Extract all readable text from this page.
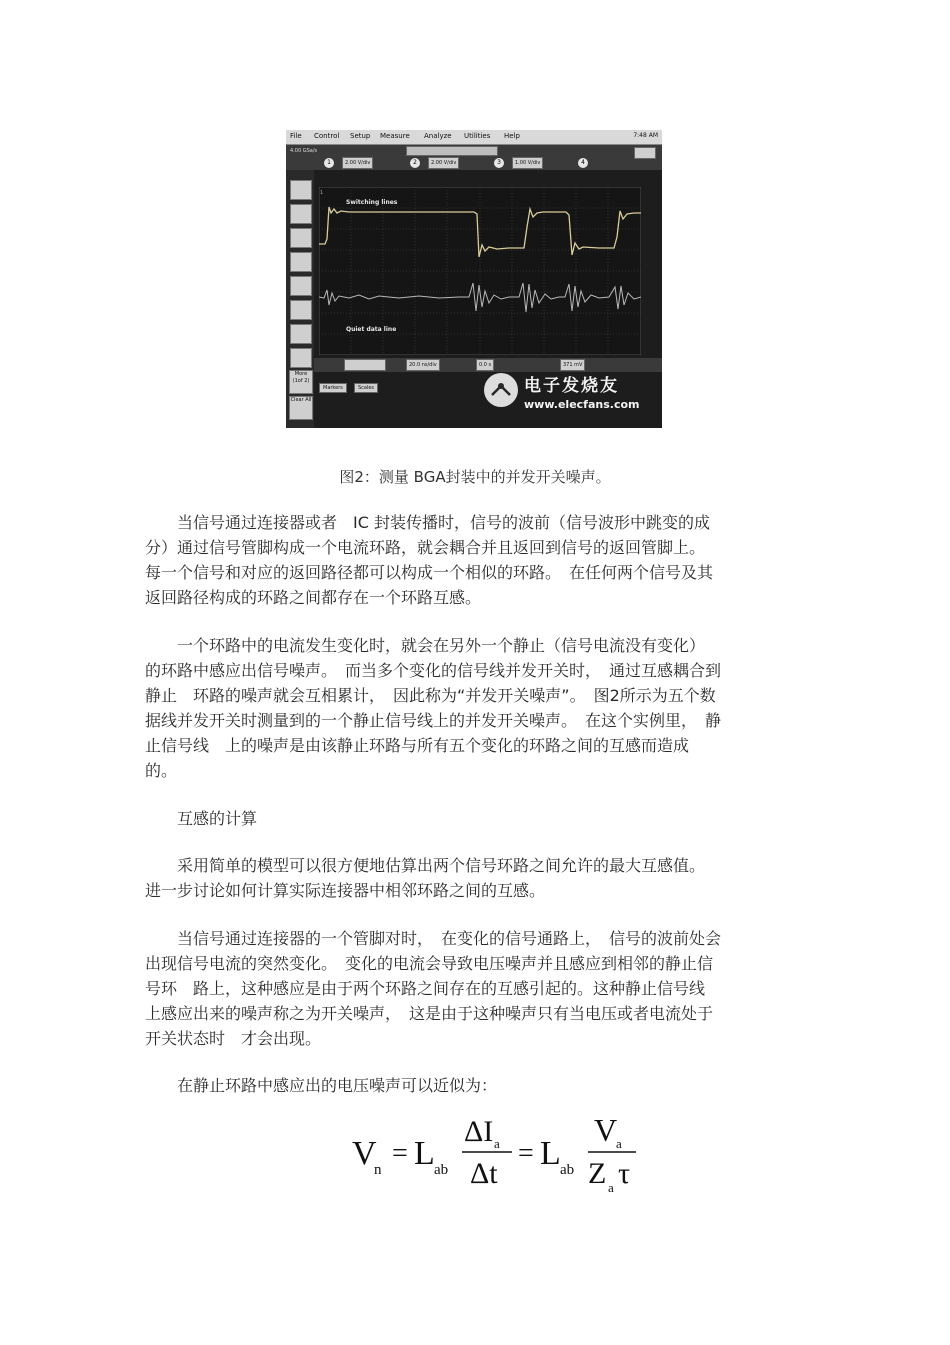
File Control Setup Measure Analyze Utilities Help	7:48 AM
4.00 GSa/s
1	2.00 V/div	2	2.00 V/div	3	1.00 V/div	4
More (1of 2)
Clear All
1
Switching lines
Quiet data line
20.0 ns/div	0.0 s	371 mV
Markers	Scales	电子发烧友
www.elecfans.com
图2：测量 BGA封装中的并发开关噪声。

　　当信号通过连接器或者　IC 封装传播时，信号的波前（信号波形中跳变的成
分）通过信号管脚构成一个电流环路，就会耦合并且返回到信号的返回管脚上。
每一个信号和对应的返回路径都可以构成一个相似的环路。　在任何两个信号及其
返回路径构成的环路之间都存在一个环路互感。

　　一个环路中的电流发生变化时，就会在另外一个静止（信号电流没有变化）
的环路中感应出信号噪声。　而当多个变化的信号线并发开关时，　通过互感耦合到
静止　环路的噪声就会互相累计，　因此称为“并发开关噪声”。　图2所示为五个数
据线并发开关时测量到的一个静止信号线上的并发开关噪声。　在这个实例里，　静
止信号线　上的噪声是由该静止环路与所有五个变化的环路之间的互感而造成
的。

　　互感的计算

　　采用简单的模型可以很方便地估算出两个信号环路之间允许的最大互感值。
进一步讨论如何计算实际连接器中相邻环路之间的互感。

　　当信号通过连接器的一个管脚对时，　在变化的信号通路上，　信号的波前处会
出现信号电流的突然变化。　变化的电流会导致电压噪声并且感应到相邻的静止信
号环　路上，这种感应是由于两个环路之间存在的互感引起的。这种静止信号线
上感应出来的噪声称之为开关噪声，　这是由于这种噪声只有当电压或者电流处于
开关状态时　才会出现。

　　在静止环路中感应出的电压噪声可以近似为：

V
n
= L ab
ΔI a
Δt
= L ab
V
a
Z a τ
